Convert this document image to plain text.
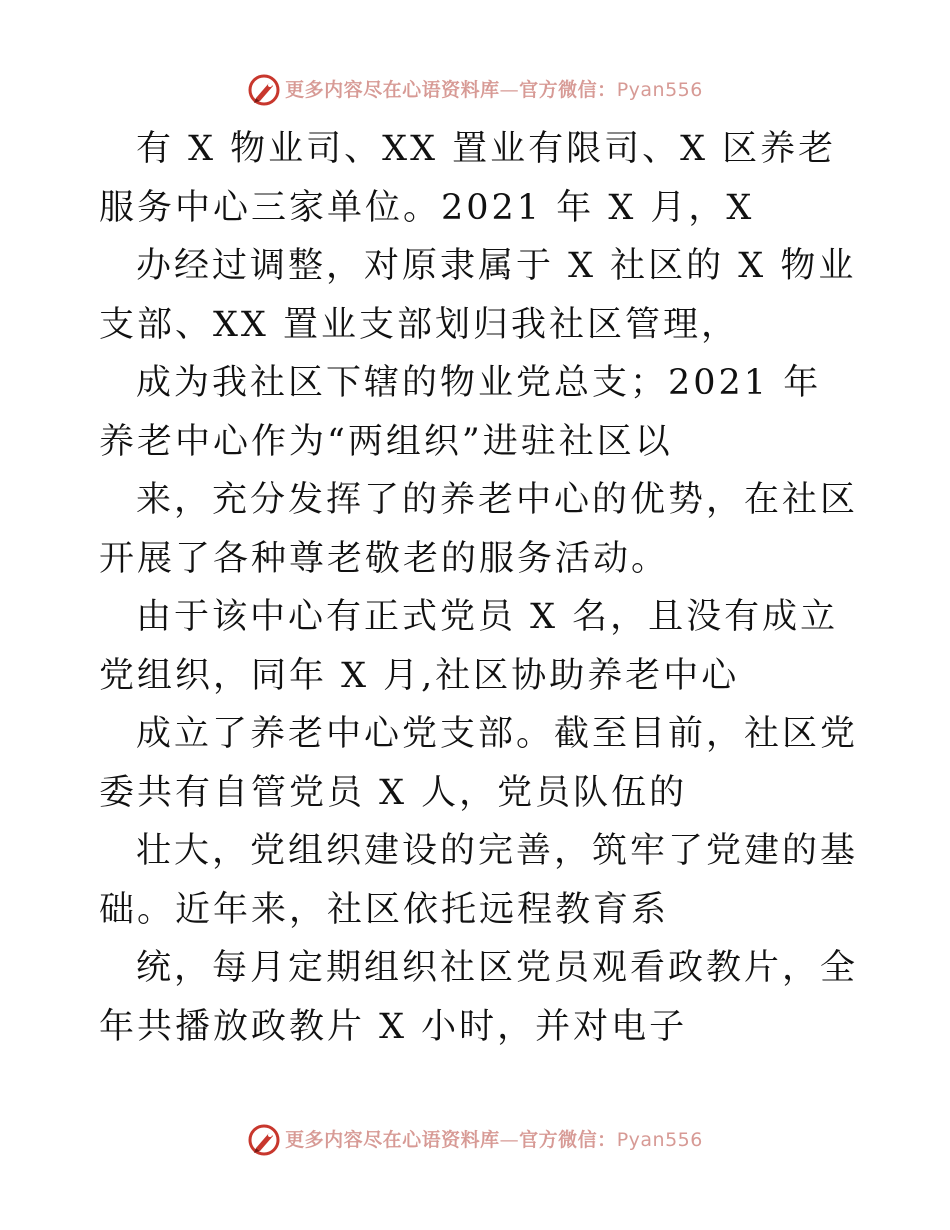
更多内容尽在心语资料库—官方微信：Pyan556

有 X 物业司、XX 置业有限司、X 区养老服务中心三家单位。2021 年 X 月，X

办经过调整，对原隶属于 X 社区的 X 物业支部、XX 置业支部划归我社区管理，

成为我社区下辖的物业党总支；2021 年养老中心作为“两组织”进驻社区以

来，充分发挥了的养老中心的优势，在社区开展了各种尊老敬老的服务活动。

由于该中心有正式党员 X 名，且没有成立党组织，同年 X 月,社区协助养老中心

成立了养老中心党支部。截至目前，社区党委共有自管党员 X 人，党员队伍的

壮大，党组织建设的完善，筑牢了党建的基础。近年来，社区依托远程教育系

统，每月定期组织社区党员观看政教片，全年共播放政教片 X 小时，并对电子

更多内容尽在心语资料库—官方微信：Pyan556
